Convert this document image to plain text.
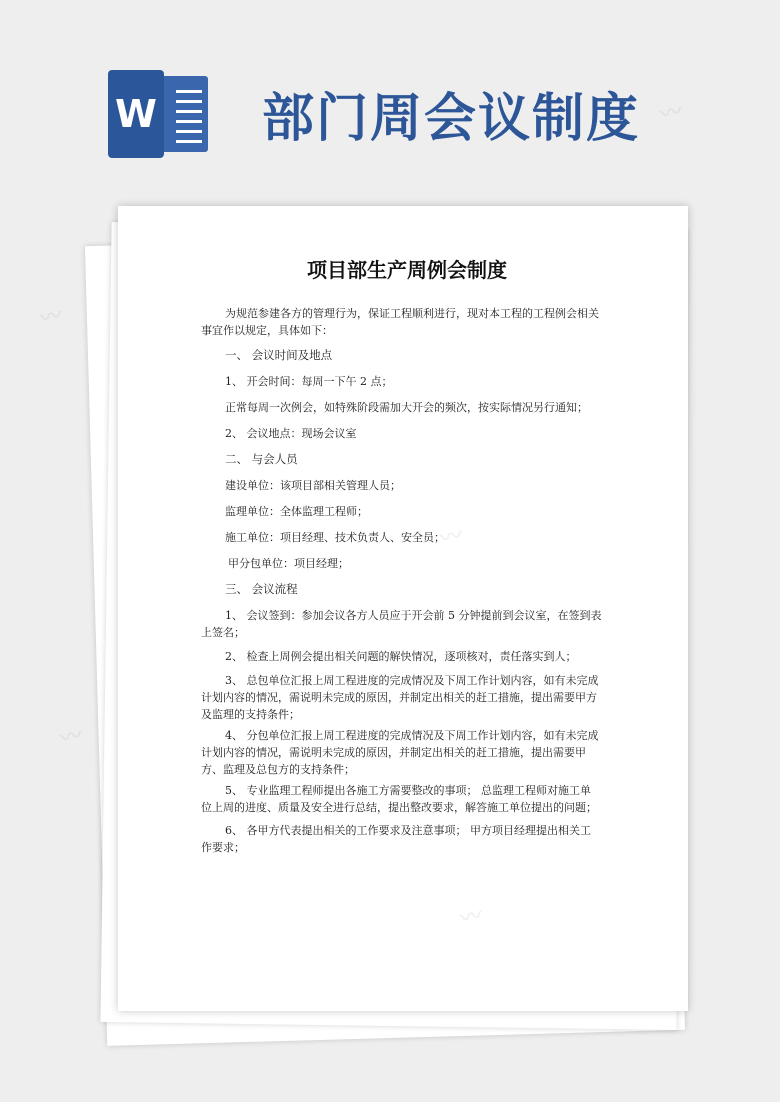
W 部门周会议制度
项目部生产周例会制度
为规范参建各方的管理行为，保证工程顺利进行，现对本工程的工程例会相关
事宜作以规定，具体如下：
一、 会议时间及地点
1、 开会时间：每周一下午 2 点；
正常每周一次例会，如特殊阶段需加大开会的频次，按实际情况另行通知；
2、 会议地点：现场会议室
二、 与会人员
建设单位：该项目部相关管理人员；
监理单位：全体监理工程师；
施工单位：项目经理、技术负责人、安全员；
甲分包单位：项目经理；
三、 会议流程
1、 会议签到：参加会议各方人员应于开会前 5 分钟提前到会议室，在签到表
上签名；
2、 检查上周例会提出相关问题的解快情况，逐项核对，责任落实到人；
3、 总包单位汇报上周工程进度的完成情况及下周工作计划内容，如有未完成
计划内容的情况，需说明未完成的原因，并制定出相关的赶工措施，提出需要甲方
及监理的支持条件；
4、 分包单位汇报上周工程进度的完成情况及下周工作计划内容，如有未完成
计划内容的情况，需说明未完成的原因，并制定出相关的赶工措施，提出需要甲
方、监理及总包方的支持条件；
5、 专业监理工程师提出各施工方需要整改的事项； 总监理工程师对施工单
位上周的进度、质量及安全进行总结，提出整改要求，解答施工单位提出的问题；
6、 各甲方代表提出相关的工作要求及注意事项； 甲方项目经理提出相关工
作要求；
〰
〰
〰
